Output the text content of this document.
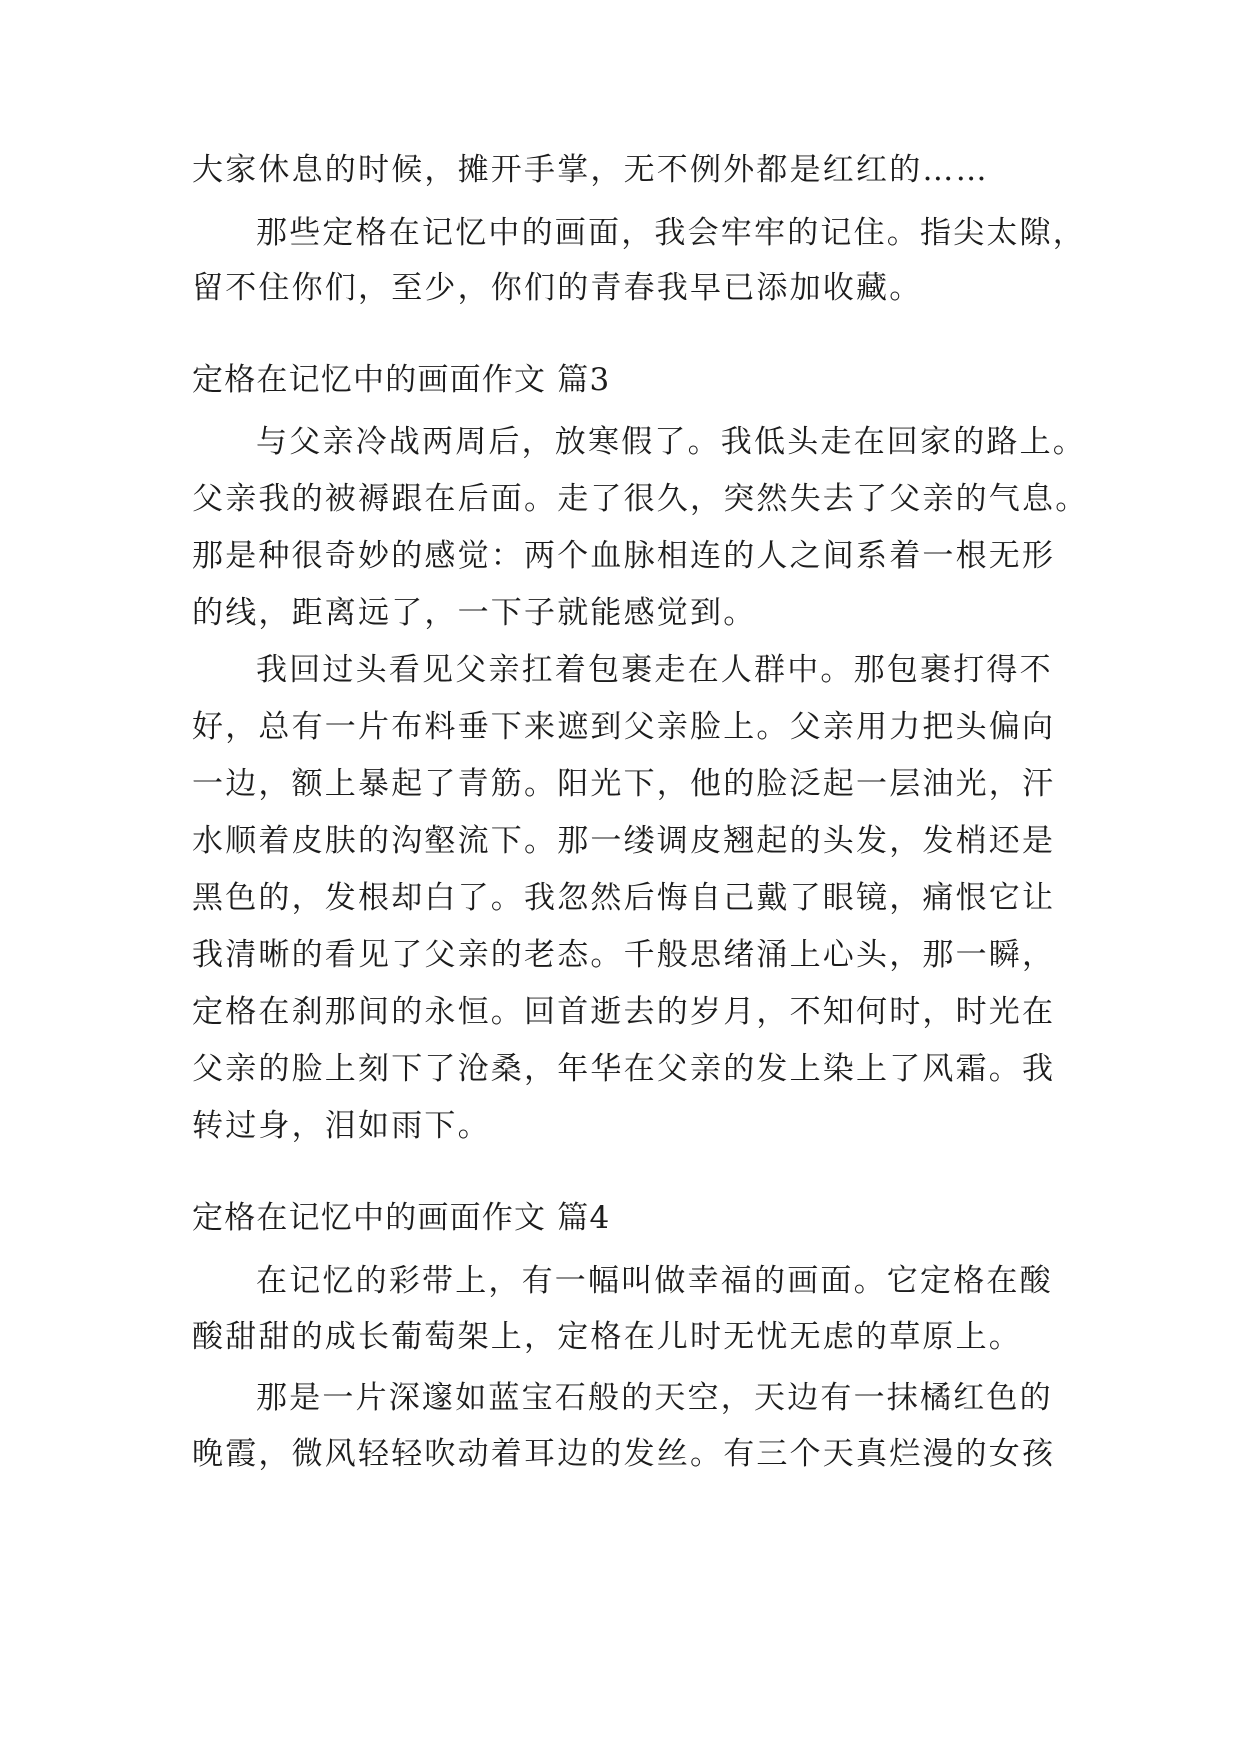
大家休息的时候，摊开手掌，无不例外都是红红的……
那些定格在记忆中的画面，我会牢牢的记住。指尖太隙，
留不住你们，至少，你们的青春我早已添加收藏。
定格在记忆中的画面作文 篇3
与父亲冷战两周后，放寒假了。我低头走在回家的路上。
父亲我的被褥跟在后面。走了很久，突然失去了父亲的气息。
那是种很奇妙的感觉：两个血脉相连的人之间系着一根无形
的线，距离远了，一下子就能感觉到。
我回过头看见父亲扛着包裹走在人群中。那包裹打得不
好，总有一片布料垂下来遮到父亲脸上。父亲用力把头偏向
一边，额上暴起了青筋。阳光下，他的脸泛起一层油光，汗
水顺着皮肤的沟壑流下。那一缕调皮翘起的头发，发梢还是
黑色的，发根却白了。我忽然后悔自己戴了眼镜，痛恨它让
我清晰的看见了父亲的老态。千般思绪涌上心头，那一瞬，
定格在刹那间的永恒。回首逝去的岁月，不知何时，时光在
父亲的脸上刻下了沧桑，年华在父亲的发上染上了风霜。我
转过身，泪如雨下。
定格在记忆中的画面作文 篇4
在记忆的彩带上，有一幅叫做幸福的画面。它定格在酸
酸甜甜的成长葡萄架上，定格在儿时无忧无虑的草原上。
那是一片深邃如蓝宝石般的天空，天边有一抹橘红色的
晚霞，微风轻轻吹动着耳边的发丝。有三个天真烂漫的女孩
